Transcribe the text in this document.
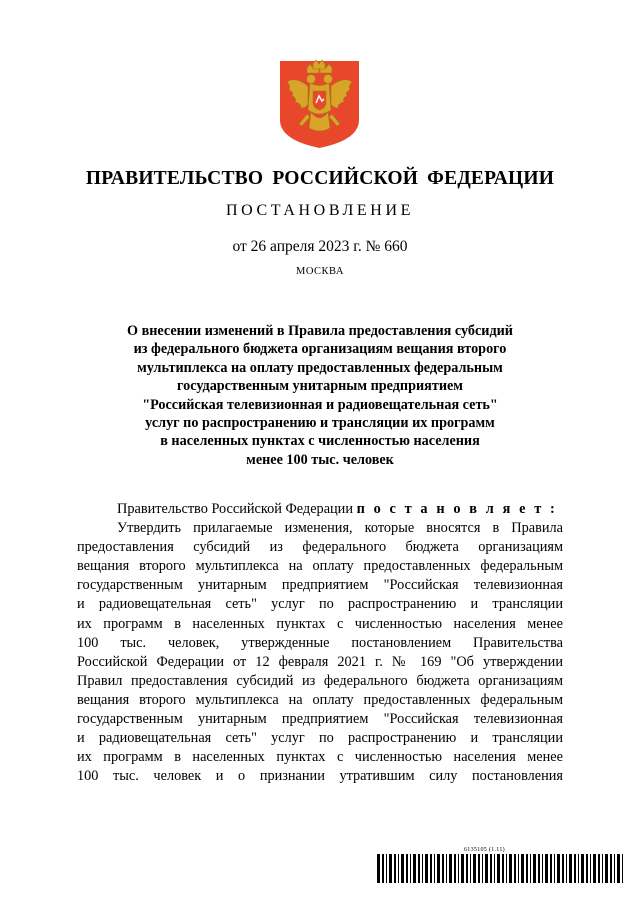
ПРАВИТЕЛЬСТВО РОССИЙСКОЙ ФЕДЕРАЦИИ
ПОСТАНОВЛЕНИЕ
от 26 апреля 2023 г. № 660
МОСКВА
О внесении изменений в Правила предоставления субсидий
из федерального бюджета организациям вещания второго
мультиплекса на оплату предоставленных федеральным
государственным унитарным предприятием
"Российская телевизионная и радиовещательная сеть"
услуг по распространению и трансляции их программ
в населенных пунктах с численностью населения
менее 100 тыс. человек
Правительство Российской Федерации п о с т а н о в л я е т :
Утвердить прилагаемые изменения, которые вносятся в Правила
предоставления субсидий из федерального бюджета организациям
вещания второго мультиплекса на оплату предоставленных федеральным
государственным унитарным предприятием "Российская телевизионная
и радиовещательная сеть" услуг по распространению и трансляции
их программ в населенных пунктах с численностью населения менее
100 тыс. человек, утвержденные постановлением Правительства
Российской Федерации от 12 февраля 2021 г. № 169 "Об утверждении
Правил предоставления субсидий из федерального бюджета организациям
вещания второго мультиплекса на оплату предоставленных федеральным
государственным унитарным предприятием "Российская телевизионная
и радиовещательная сеть" услуг по распространению и трансляции
их программ в населенных пунктах с численностью населения менее
100 тыс. человек и о признании утратившим силу постановления
6135105 (1.11)
